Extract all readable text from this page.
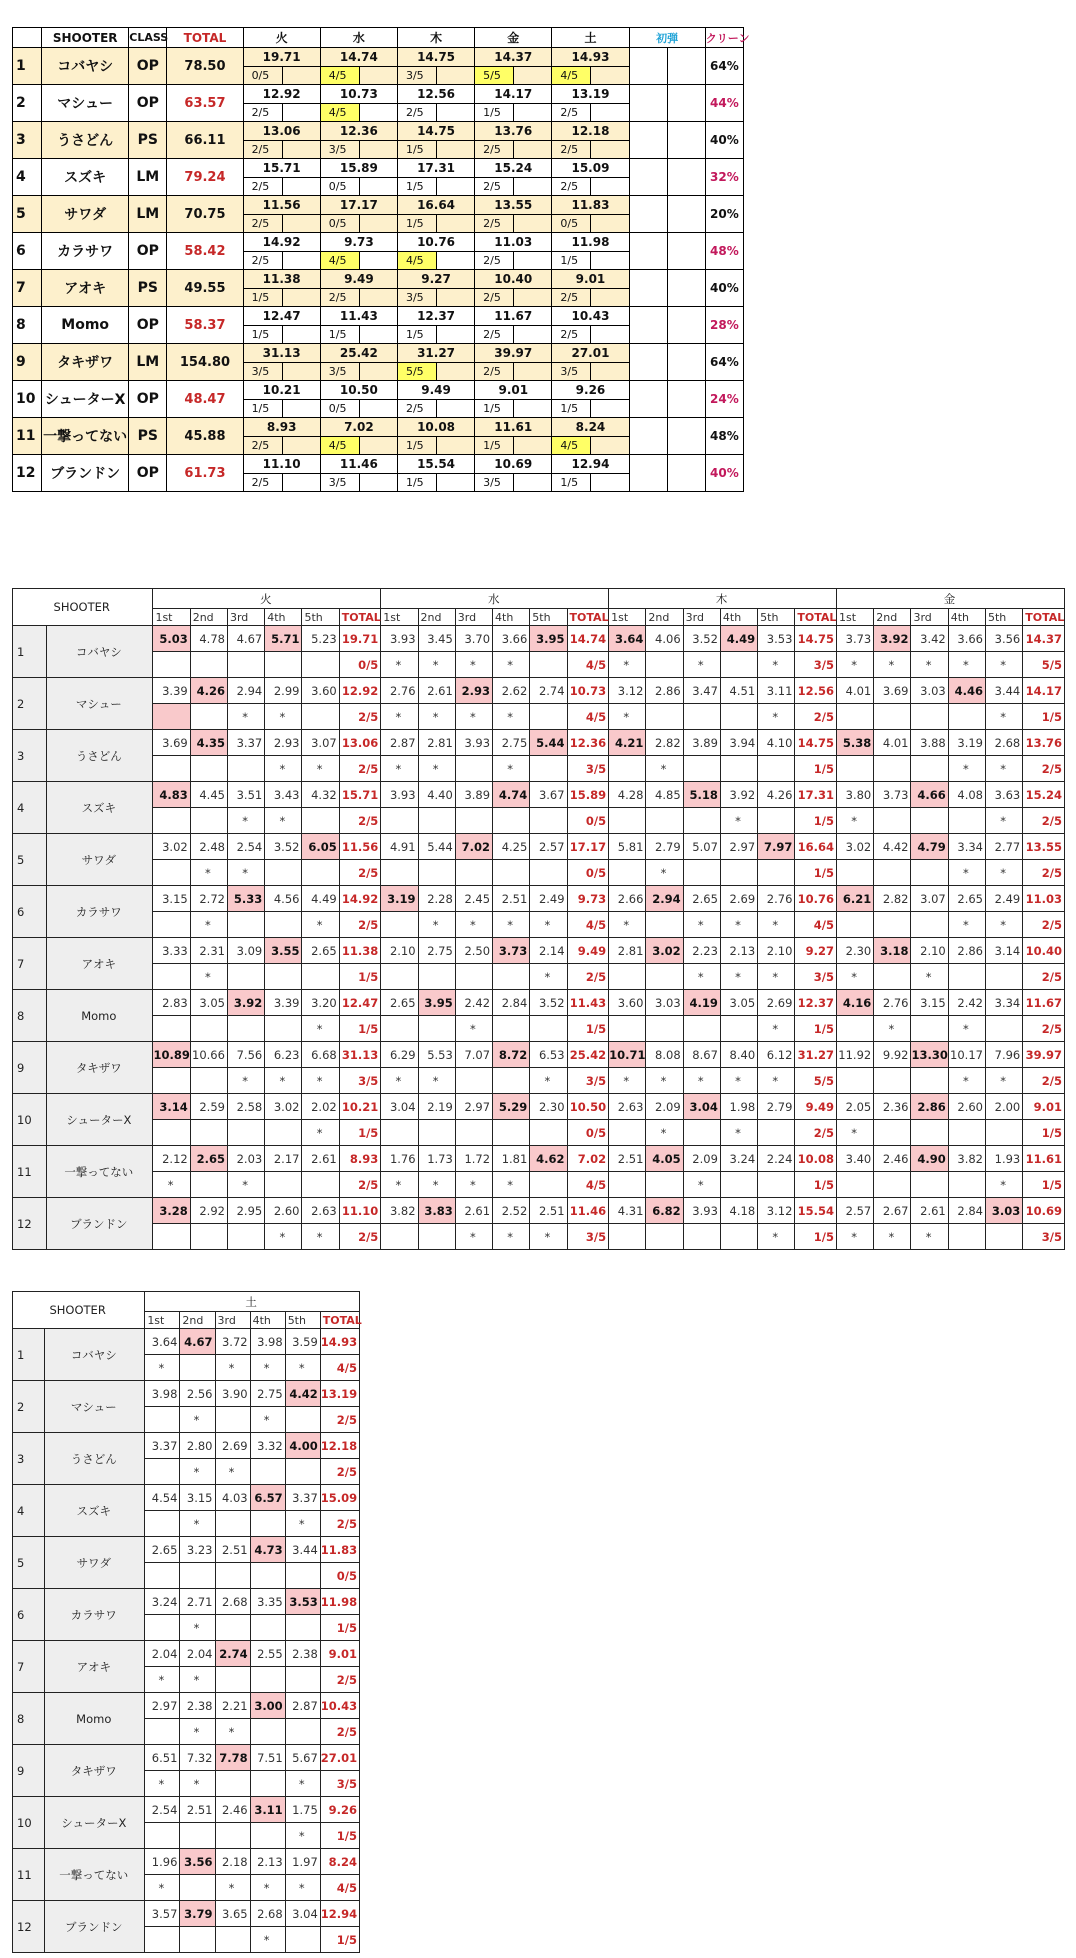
	SHOOTER	CLASS	TOTAL	火		水		木		金		土		初弾		クリーン
1	コバヤシ	OP	78.50	19.71		14.74		14.75		14.37		14.93				64%
				0/5		4/5		3/5		5/5		4/5				
2	マシュー	OP	63.57	12.92		10.73		12.56		14.17		13.19				44%
				2/5		4/5		2/5		1/5		2/5				
3	うさどん	PS	66.11	13.06		12.36		14.75		13.76		12.18				40%
				2/5		3/5		1/5		2/5		2/5				
4	スズキ	LM	79.24	15.71		15.89		17.31		15.24		15.09				32%
				2/5		0/5		1/5		2/5		2/5				
5	サワダ	LM	70.75	11.56		17.17		16.64		13.55		11.83				20%
				2/5		0/5		1/5		2/5		0/5				
6	カラサワ	OP	58.42	14.92		9.73		10.76		11.03		11.98				48%
				2/5		4/5		4/5		2/5		1/5				
7	アオキ	PS	49.55	11.38		9.49		9.27		10.40		9.01				40%
				1/5		2/5		3/5		2/5		2/5				
8	Momo	OP	58.37	12.47		11.43		12.37		11.67		10.43				28%
				1/5		1/5		1/5		2/5		2/5				
9	タキザワ	LM	154.80	31.13		25.42		31.27		39.97		27.01				64%
				3/5		3/5		5/5		2/5		3/5				
10	シューターX	OP	48.47	10.21		10.50		9.49		9.01		9.26				24%
				1/5		0/5		2/5		1/5		1/5				
11	一撃ってない	PS	45.88	8.93		7.02		10.08		11.61		8.24				48%
				2/5		4/5		1/5		1/5		4/5				
12	ブランドン	OP	61.73	11.10		11.46		15.54		10.69		12.94				40%
				2/5		3/5		1/5		3/5		1/5				
SHOOTER		火						水						木						金					
		1st	2nd	3rd	4th	5th	TOTAL	1st	2nd	3rd	4th	5th	TOTAL	1st	2nd	3rd	4th	5th	TOTAL	1st	2nd	3rd	4th	5th	TOTAL
1	コバヤシ	5.03	4.78	4.67	5.71	5.23	19.71	3.93	3.45	3.70	3.66	3.95	14.74	3.64	4.06	3.52	4.49	3.53	14.75	3.73	3.92	3.42	3.66	3.56	14.37
							0/5	*	*	*	*		4/5	*		*		*	3/5	*	*	*	*	*	5/5
2	マシュー	3.39	4.26	2.94	2.99	3.60	12.92	2.76	2.61	2.93	2.62	2.74	10.73	3.12	2.86	3.47	4.51	3.11	12.56	4.01	3.69	3.03	4.46	3.44	14.17
				*	*		2/5	*	*	*	*		4/5	*				*	2/5					*	1/5
3	うさどん	3.69	4.35	3.37	2.93	3.07	13.06	2.87	2.81	3.93	2.75	5.44	12.36	4.21	2.82	3.89	3.94	4.10	14.75	5.38	4.01	3.88	3.19	2.68	13.76
					*	*	2/5	*	*		*		3/5		*				1/5				*	*	2/5
4	スズキ	4.83	4.45	3.51	3.43	4.32	15.71	3.93	4.40	3.89	4.74	3.67	15.89	4.28	4.85	5.18	3.92	4.26	17.31	3.80	3.73	4.66	4.08	3.63	15.24
				*	*		2/5						0/5				*		1/5	*				*	2/5
5	サワダ	3.02	2.48	2.54	3.52	6.05	11.56	4.91	5.44	7.02	4.25	2.57	17.17	5.81	2.79	5.07	2.97	7.97	16.64	3.02	4.42	4.79	3.34	2.77	13.55
			*	*			2/5						0/5		*				1/5				*	*	2/5
6	カラサワ	3.15	2.72	5.33	4.56	4.49	14.92	3.19	2.28	2.45	2.51	2.49	9.73	2.66	2.94	2.65	2.69	2.76	10.76	6.21	2.82	3.07	2.65	2.49	11.03
			*			*	2/5		*	*	*	*	4/5	*		*	*	*	4/5				*	*	2/5
7	アオキ	3.33	2.31	3.09	3.55	2.65	11.38	2.10	2.75	2.50	3.73	2.14	9.49	2.81	3.02	2.23	2.13	2.10	9.27	2.30	3.18	2.10	2.86	3.14	10.40
			*				1/5					*	2/5			*	*	*	3/5	*		*			2/5
8	Momo	2.83	3.05	3.92	3.39	3.20	12.47	2.65	3.95	2.42	2.84	3.52	11.43	3.60	3.03	4.19	3.05	2.69	12.37	4.16	2.76	3.15	2.42	3.34	11.67
						*	1/5			*			1/5					*	1/5		*		*		2/5
9	タキザワ	10.89	10.66	7.56	6.23	6.68	31.13	6.29	5.53	7.07	8.72	6.53	25.42	10.71	8.08	8.67	8.40	6.12	31.27	11.92	9.92	13.30	10.17	7.96	39.97
				*	*	*	3/5	*	*			*	3/5	*	*	*	*	*	5/5				*	*	2/5
10	シューターX	3.14	2.59	2.58	3.02	2.02	10.21	3.04	2.19	2.97	5.29	2.30	10.50	2.63	2.09	3.04	1.98	2.79	9.49	2.05	2.36	2.86	2.60	2.00	9.01
						*	1/5						0/5		*		*		2/5	*					1/5
11	一撃ってない	2.12	2.65	2.03	2.17	2.61	8.93	1.76	1.73	1.72	1.81	4.62	7.02	2.51	4.05	2.09	3.24	2.24	10.08	3.40	2.46	4.90	3.82	1.93	11.61
		*		*			2/5	*	*	*	*		4/5			*			1/5					*	1/5
12	ブランドン	3.28	2.92	2.95	2.60	2.63	11.10	3.82	3.83	2.61	2.52	2.51	11.46	4.31	6.82	3.93	4.18	3.12	15.54	2.57	2.67	2.61	2.84	3.03	10.69
					*	*	2/5			*	*	*	3/5					*	1/5	*	*	*			3/5
SHOOTER		土					
		1st	2nd	3rd	4th	5th	TOTAL
1	コバヤシ	3.64	4.67	3.72	3.98	3.59	14.93
		*		*	*	*	4/5
2	マシュー	3.98	2.56	3.90	2.75	4.42	13.19
			*		*		2/5
3	うさどん	3.37	2.80	2.69	3.32	4.00	12.18
			*	*			2/5
4	スズキ	4.54	3.15	4.03	6.57	3.37	15.09
			*			*	2/5
5	サワダ	2.65	3.23	2.51	4.73	3.44	11.83
							0/5
6	カラサワ	3.24	2.71	2.68	3.35	3.53	11.98
			*				1/5
7	アオキ	2.04	2.04	2.74	2.55	2.38	9.01
		*	*				2/5
8	Momo	2.97	2.38	2.21	3.00	2.87	10.43
			*	*			2/5
9	タキザワ	6.51	7.32	7.78	7.51	5.67	27.01
		*	*			*	3/5
10	シューターX	2.54	2.51	2.46	3.11	1.75	9.26
						*	1/5
11	一撃ってない	1.96	3.56	2.18	2.13	1.97	8.24
		*		*	*	*	4/5
12	ブランドン	3.57	3.79	3.65	2.68	3.04	12.94
					*		1/5
